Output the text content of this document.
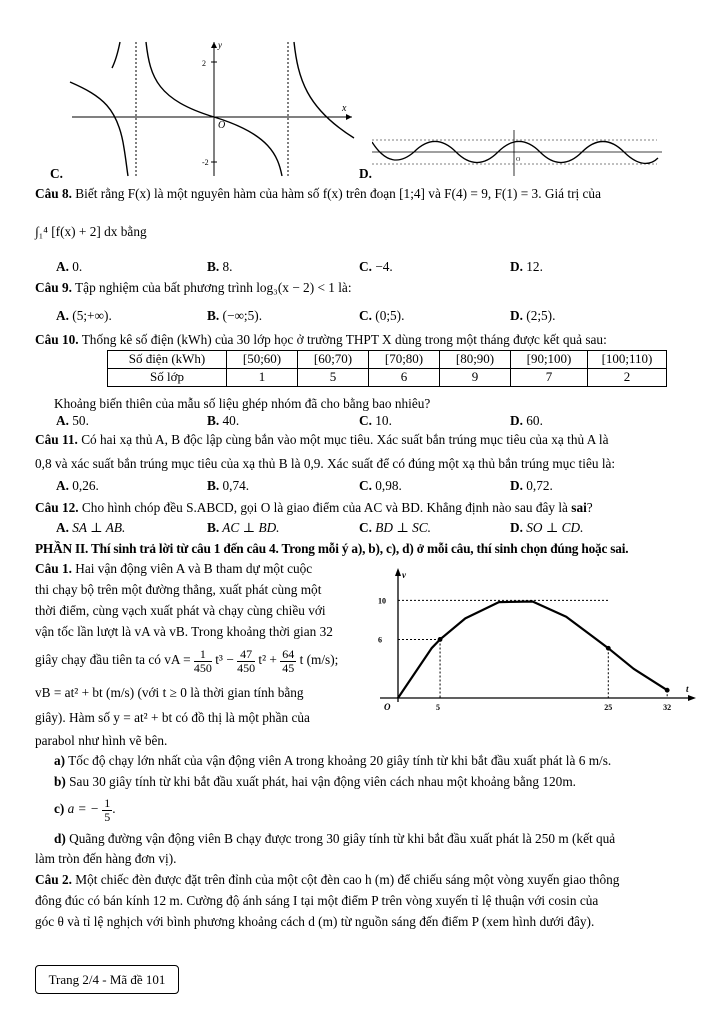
2
-2
O
x
y
C.
O
D.
Câu 8. Biết rằng F(x) là một nguyên hàm của hàm số f(x) trên đoạn [1;4] và F(4) = 9, F(1) = 3. Giá trị của
∫₁⁴ [f(x) + 2] dx bằng
A. 0.	B. 8.	C. −4.	D. 12.
Câu 9. Tập nghiệm của bất phương trình log₃(x − 2) < 1 là:
A. (5;+∞).	B. (−∞;5).	C. (0;5).	D. (2;5).
Câu 10. Thống kê số điện (kWh) của 30 lớp học ở trường THPT X dùng trong một tháng được kết quả sau:
Số điện (kWh)	[50;60)	[60;70)	[70;80)	[80;90)	[90;100)	[100;110)
Số lớp	1	5	6	9	7	2
Khoảng biến thiên của mẫu số liệu ghép nhóm đã cho bằng bao nhiêu?
A. 50.	B. 40.	C. 10.	D. 60.
Câu 11. Có hai xạ thủ A, B độc lập cùng bắn vào một mục tiêu. Xác suất bắn trúng mục tiêu của xạ thủ A là
0,8 và xác suất bắn trúng mục tiêu của xạ thủ B là 0,9. Xác suất để có đúng một xạ thủ bắn trúng mục tiêu là:
A. 0,26.	B. 0,74.	C. 0,98.	D. 0,72.
Câu 12. Cho hình chóp đều S.ABCD, gọi O là giao điểm của AC và BD. Khẳng định nào sau đây là sai?
A. SA ⊥ AB.	B. AC ⊥ BD.	C. BD ⊥ SC.	D. SO ⊥ CD.
PHẦN II. Thí sinh trả lời từ câu 1 đến câu 4. Trong mỗi ý a), b), c), d) ở mỗi câu, thí sinh chọn đúng hoặc sai.
Câu 1. Hai vận động viên A và B tham dự một cuộc
thi chạy bộ trên một đường thẳng, xuất phát cùng một
thời điểm, cùng vạch xuất phát và chạy cùng chiều với
vận tốc lần lượt là vA và vB. Trong khoảng thời gian 32
giây chạy đầu tiên ta có vA = $\frac{1}{450} t^3 - \frac{47}{450} t^2 + \frac{64}{45}$ t (m/s);
vB = at² + bt (m/s) (với t ≥ 0 là thời gian tính bằng
giây). Hàm số y = at² + bt có đồ thị là một phần của
parabol như hình vẽ bên.
v
t
O	5	25	32
6
10
a) Tốc độ chạy lớn nhất của vận động viên A trong khoảng 20 giây tính từ khi bắt đầu xuất phát là 6 m/s.
b) Sau 30 giây tính từ khi bắt đầu xuất phát, hai vận động viên cách nhau một khoảng bằng 120m.
c) a = − $\frac{1}{5}$ .
d) Quãng đường vận động viên B chạy được trong 30 giây tính từ khi bắt đầu xuất phát là 250 m (kết quả
làm tròn đến hàng đơn vị).
Câu 2. Một chiếc đèn được đặt trên đỉnh của một cột đèn cao h (m) để chiếu sáng một vòng xuyến giao thông
đông đúc có bán kính 12 m. Cường độ ánh sáng I tại một điểm P trên vòng xuyến tỉ lệ thuận với cosin của
góc θ và tỉ lệ nghịch với bình phương khoảng cách d (m) từ nguồn sáng đến điểm P (xem hình dưới đây).
Trang 2/4 - Mã đề 101
